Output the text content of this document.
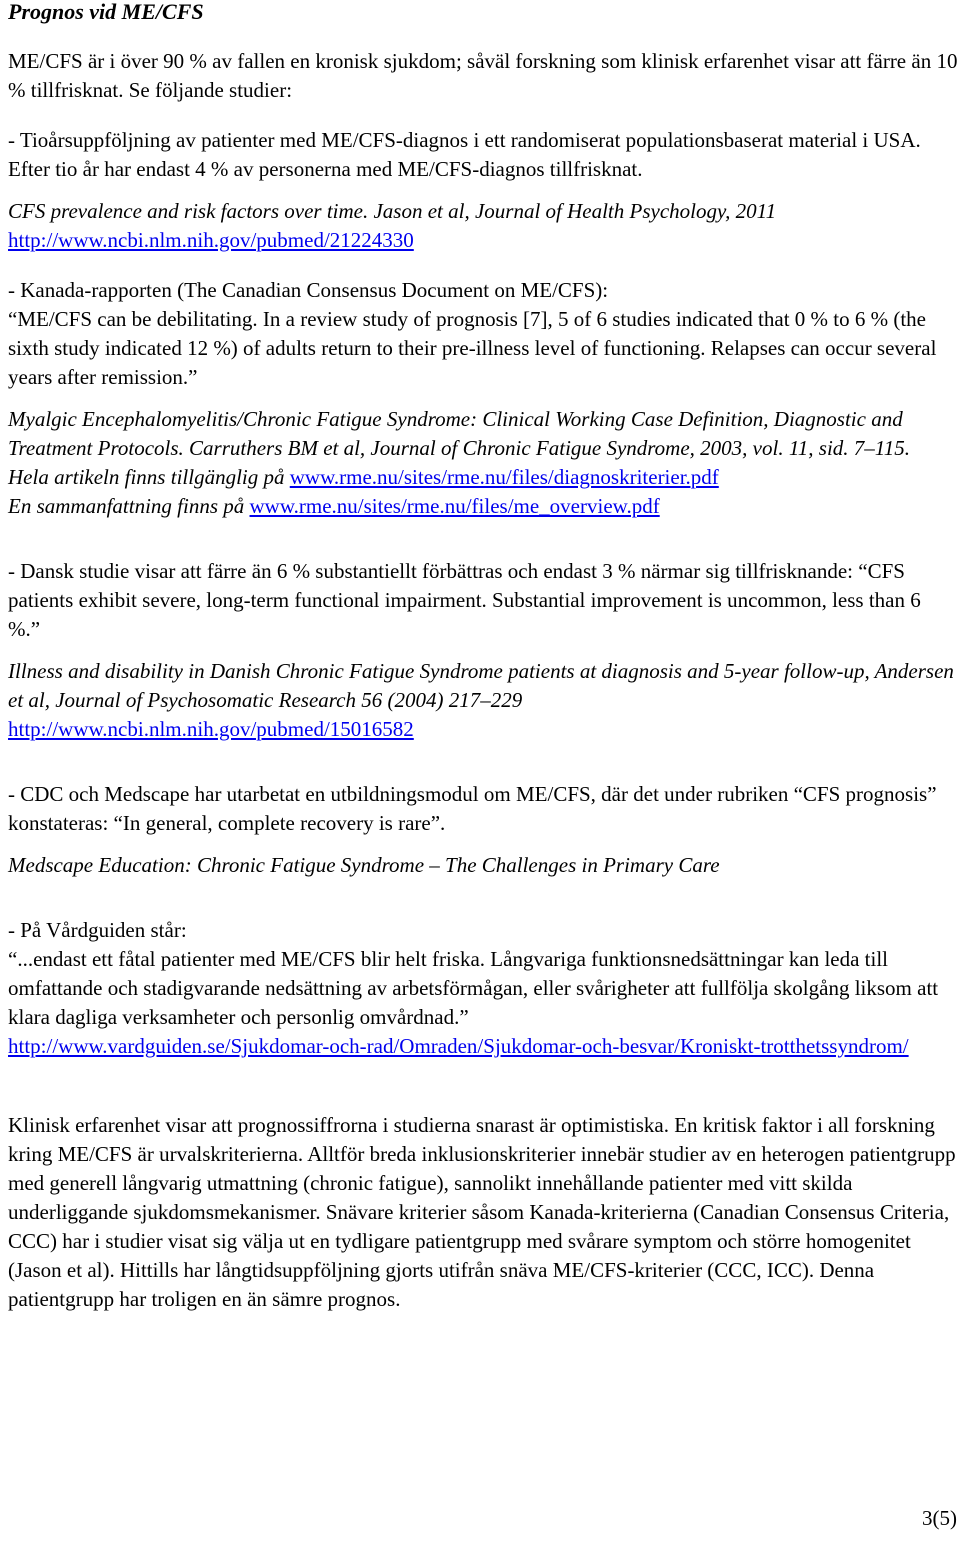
Prognos vid ME/CFS

ME/CFS är i över 90 % av fallen en kronisk sjukdom; såväl forskning som klinisk erfarenhet visar att färre än 10 % tillfrisknat. Se följande studier:

- Tioårsuppföljning av patienter med ME/CFS-diagnos i ett randomiserat populationsbaserat material i USA. Efter tio år har endast 4 % av personerna med ME/CFS-diagnos tillfrisknat.

CFS prevalence and risk factors over time. Jason et al, Journal of Health Psychology, 2011

http://www.ncbi.nlm.nih.gov/pubmed/21224330

- Kanada-rapporten (The Canadian Consensus Document on ME/CFS):

“ME/CFS can be debilitating. In a review study of prognosis [7], 5 of 6 studies indicated that 0 % to 6 % (the sixth study indicated 12 %) of adults return to their pre-illness level of functioning. Relapses can occur several years after remission.”

Myalgic Encephalomyelitis/Chronic Fatigue Syndrome: Clinical Working Case Definition, Diagnostic and Treatment Protocols. Carruthers BM et al, Journal of Chronic Fatigue Syndrome, 2003, vol. 11, sid. 7–115.

Hela artikeln finns tillgänglig på www.rme.nu/sites/rme.nu/files/diagnoskriterier.pdf

En sammanfattning finns på www.rme.nu/sites/rme.nu/files/me_overview.pdf

- Dansk studie visar att färre än 6 % substantiellt förbättras och endast 3 % närmar sig tillfrisknande: “CFS patients exhibit severe, long-term functional impairment. Substantial improvement is uncommon, less than 6 %.”

Illness and disability in Danish Chronic Fatigue Syndrome patients at diagnosis and 5-year follow-up, Andersen et al, Journal of Psychosomatic Research 56 (2004) 217–229

http://www.ncbi.nlm.nih.gov/pubmed/15016582

- CDC och Medscape har utarbetat en utbildningsmodul om ME/CFS, där det under rubriken “CFS prognosis” konstateras: “In general, complete recovery is rare”.

Medscape Education: Chronic Fatigue Syndrome – The Challenges in Primary Care

- På Vårdguiden står:

“...endast ett fåtal patienter med ME/CFS blir helt friska. Långvariga funktionsnedsättningar kan leda till omfattande och stadigvarande nedsättning av arbetsförmågan, eller svårigheter att fullfölja skolgång liksom att klara dagliga verksamheter och personlig omvårdnad.”

http://www.vardguiden.se/Sjukdomar-och-rad/Omraden/Sjukdomar-och-besvar/Kroniskt-trotthetssyndrom/

Klinisk erfarenhet visar att prognossiffrorna i studierna snarast är optimistiska. En kritisk faktor i all forskning kring ME/CFS är urvalskriterierna. Alltför breda inklusionskriterier innebär studier av en heterogen patientgrupp med generell långvarig utmattning (chronic fatigue), sannolikt innehållande patienter med vitt skilda underliggande sjukdomsmekanismer. Snävare kriterier såsom Kanada-kriterierna (Canadian Consensus Criteria, CCC) har i studier visat sig välja ut en tydligare patientgrupp med svårare symptom och större homogenitet (Jason et al). Hittills har långtidsuppföljning gjorts utifrån snäva ME/CFS-kriterier (CCC, ICC). Denna patientgrupp har troligen en än sämre prognos.

3(5)
